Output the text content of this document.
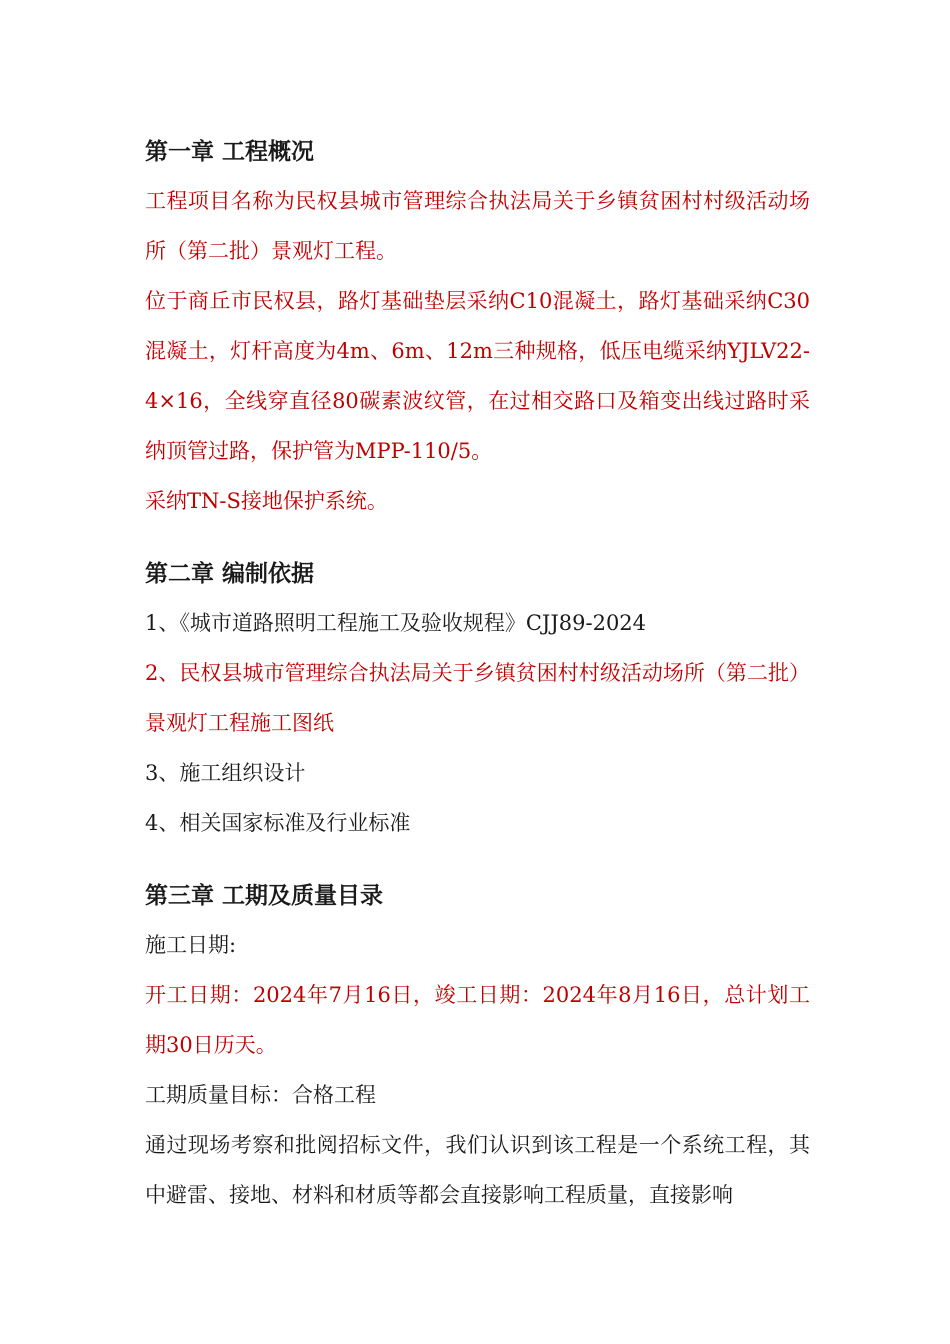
第一章 工程概况

工程项目名称为民权县城市管理综合执法局关于乡镇贫困村村级活动场所（第二批）景观灯工程。

位于商丘市民权县，路灯基础垫层采纳C10混凝土，路灯基础采纳C30混凝土，灯杆高度为4m、6m、12m三种规格，低压电缆采纳YJLV22-4×16，全线穿直径80碳素波纹管，在过相交路口及箱变出线过路时采纳顶管过路，保护管为MPP-110/5。

采纳TN-S接地保护系统。

第二章 编制依据

1、《城市道路照明工程施工及验收规程》CJJ89-2024

2、民权县城市管理综合执法局关于乡镇贫困村村级活动场所（第二批）景观灯工程施工图纸

3、施工组织设计

4、相关国家标准及行业标准

第三章 工期及质量目录

施工日期:

开工日期：2024年7月16日，竣工日期：2024年8月16日，总计划工期30日历天。

工期质量目标：合格工程

通过现场考察和批阅招标文件，我们认识到该工程是一个系统工程，其中避雷、接地、材料和材质等都会直接影响工程质量，直接影响
